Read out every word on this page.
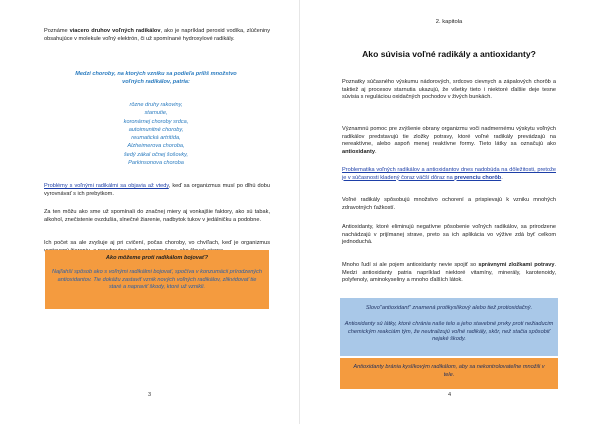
Poznáme viacero druhov voľných radikálov, ako je napríklad peroxid vodíka, zlúčeniny obsahujúce v molekule voľný elektrón, či už spomínané hydroxylové radikály.

Medzi choroby, na ktorých vzniku sa podieľa priliš množstvo voľných radikálov, patria:

rôzne druhy rakoviny,
starnutie,
koronárnej choroby srdca,
autoimunitné choroby,
reumatická artritída,
Alzheimerova choroba,
šedý zákal očnej šošovky,
Parkinsonova choroba

Problémy s voľnými radikálmi sa objavia až vtedy, keď sa organizmus musí po dlhú dobu vyrovnávať s ich prebytkom.

Za ten môžu ako sme už spomínali do značnej miery aj vonkajšie faktory, ako sú tabak, alkohol, znečistenie ovzdušia, slnečné žiarenie, nadbytok tukov v jedálničku a podobne.

Ich počet sa ale zvyšuje aj pri cvičení, počas choroby, vo chvíľach, keď je organizmus

Ako môžeme proti radikálom bojovať?

Najľahší spôsob ako s voľnými radikálmi bojovať, spočíva v konzumácii prírodzených antioxidantov. Tie dokážu zastaviť vznik nových voľných radikálov, zlikvidovať tie staré a napraviť škody, ktoré už vznikli.

3

2. kapitola

Ako súvisia voľné radikály a antioxidanty?

Poznatky súčasného výskumu nádorových, srdcovo cievnych a zápalových chorôb a taktiež aj procesov starnutia ukazujú, že všetky tieto i niektoré ďalšie deje tesne súvisia s reguláciou oxidačných pochodov v živých bunkách.

Významnú pomoc pre zvýšenie obrany organizmu voči nadmernému výskytu voľných radikálov predstavujú tie zložky potravy, ktoré voľné radikály prevádzajú na nereaktívne, alebo aspoň menej reaktívne formy. Tieto látky sa označujú ako antioxidanty.

Problematika voľných radikálov a antioxidantov dnes nadobúda na dôležitosti, pretože je v súčasnosti kladený čoraz väčší dôraz na prevenciu chorôb.

Voľné radikály spôsobujú množstvo ochorení a prispievajú k vzniku mnohých zdravotných ťažkostí.

Antioxidanty, ktoré eliminujú negatívne pôsobenie voľných radikálov, sa prirodzene nachádzajú v prijímanej strave, preto sa ich aplikácia vo výžive zdá byť celkom jednoduchá.

Mnoho ľudí si ale pojem antioxidanty nevie spojiť so správnymi zložkami potravy. Medzi antioxidanty patria napríklad niektoré vitamíny, minerály, karotenoidy, polyfenoly, aminokyseliny a mnoho ďalších látok.

Slovo"antioxidant" znamená protikyslíkový alebo tiež protioxidačný.

Antioxidanty sú látky, ktoré chránia naše telo a jeho stavebné prvky proti nežiaducim chemickým reakciám tým, že neutralizujú voľné radikály, skôr, než stačia spôsobiť nejaké škody.

Antioxidanty bránia kyslíkovým radikálom, aby sa nekontrolovateľne množili v tele.

4
